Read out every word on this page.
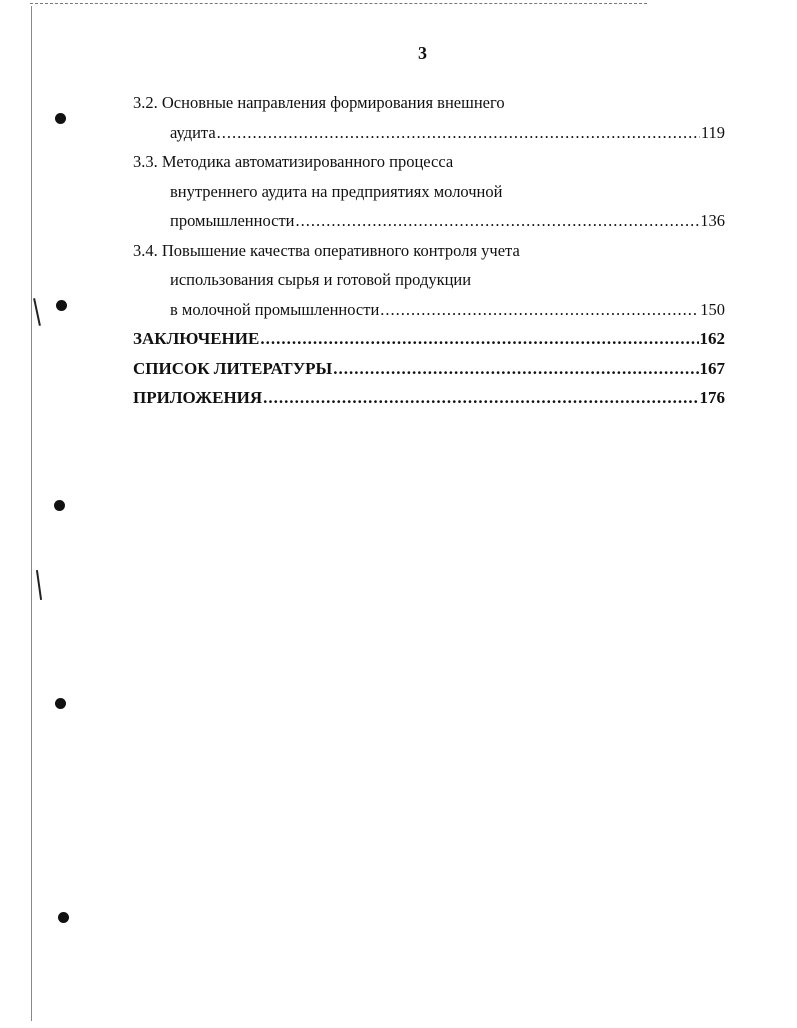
3
3.2. Основные направления формирования внешнего
аудита .....	119
3.3. Методика автоматизированного процесса
внутреннего аудита на предприятиях молочной
промышленности .....	136
3.4. Повышение качества оперативного контроля учета
использования сырья и готовой продукции
в молочной промышленности .....	150
ЗАКЛЮЧЕНИЕ .....	162
СПИСОК ЛИТЕРАТУРЫ .....	167
ПРИЛОЖЕНИЯ .....	176
